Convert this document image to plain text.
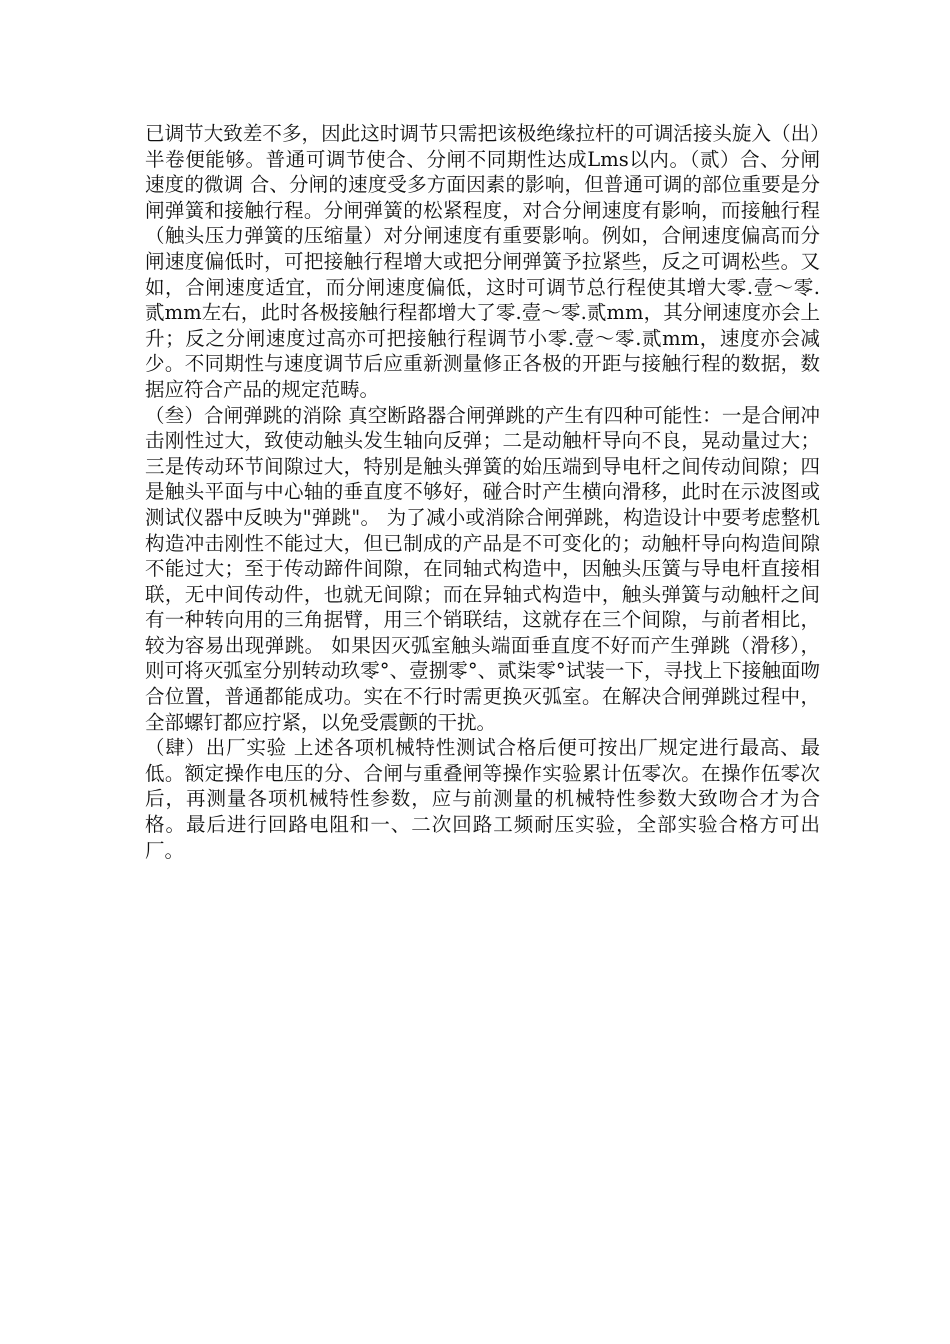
已调节大致差不多，因此这时调节只需把该极绝缘拉杆的可调活接头旋入（出）半卷便能够。普通可调节使合、分闸不同期性达成Lms以内。（贰）合、分闸速度的微调 合、分闸的速度受多方面因素的影响，但普通可调的部位重要是分闸弹簧和接触行程。分闸弹簧的松紧程度，对合分闸速度有影响，而接触行程（触头压力弹簧的压缩量）对分闸速度有重要影响。例如，合闸速度偏高而分闸速度偏低时，可把接触行程增大或把分闸弹簧予拉紧些，反之可调松些。又如，合闸速度适宜，而分闸速度偏低，这时可调节总行程使其增大零.壹～零.贰mm左右，此时各极接触行程都增大了零.壹～零.贰mm，其分闸速度亦会上升；反之分闸速度过高亦可把接触行程调节小零.壹～零.贰mm，速度亦会减少。不同期性与速度调节后应重新测量修正各极的开距与接触行程的数据，数据应符合产品的规定范畴。

（叁）合闸弹跳的消除 真空断路器合闸弹跳的产生有四种可能性：一是合闸冲击刚性过大，致使动触头发生轴向反弹；二是动触杆导向不良，晃动量过大；三是传动环节间隙过大，特别是触头弹簧的始压端到导电杆之间传动间隙；四是触头平面与中心轴的垂直度不够好，碰合时产生横向滑移，此时在示波图或测试仪器中反映为"弹跳"。 为了减小或消除合闸弹跳，构造设计中要考虑整机构造冲击刚性不能过大，但已制成的产品是不可变化的；动触杆导向构造间隙不能过大；至于传动蹄件间隙，在同轴式构造中，因触头压簧与导电杆直接相联，无中间传动件，也就无间隙；而在异轴式构造中，触头弹簧与动触杆之间有一种转向用的三角据臂，用三个销联结，这就存在三个间隙，与前者相比，较为容易出现弹跳。 如果因灭弧室触头端面垂直度不好而产生弹跳（滑移），则可将灭弧室分别转动玖零°、壹捌零°、贰柒零°试装一下，寻找上下接触面吻合位置，普通都能成功。实在不行时需更换灭弧室。在解决合闸弹跳过程中，全部螺钉都应拧紧，以免受震颤的干扰。

（肆）出厂实验 上述各项机械特性测试合格后便可按出厂规定进行最高、最低。额定操作电压的分、合闸与重叠闸等操作实验累计伍零次。在操作伍零次后，再测量各项机械特性参数，应与前测量的机械特性参数大致吻合才为合格。最后进行回路电阻和一、二次回路工频耐压实验，全部实验合格方可出厂。
